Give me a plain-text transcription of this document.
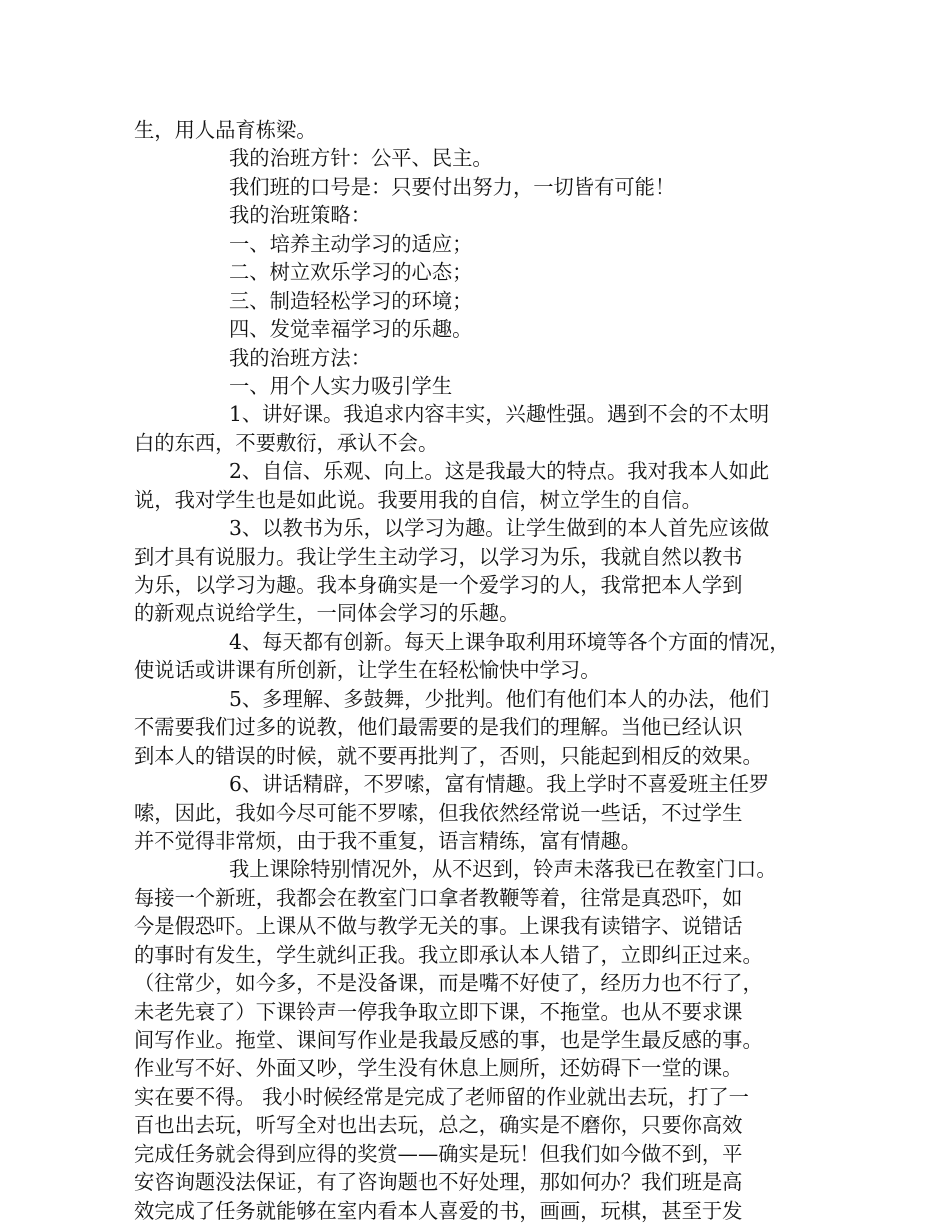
生，用人品育栋梁。
我的治班方针：公平、民主。
我们班的口号是：只要付出努力，一切皆有可能！
我的治班策略：
一、培养主动学习的适应；
二、树立欢乐学习的心态；
三、制造轻松学习的环境；
四、发觉幸福学习的乐趣。
我的治班方法：
一、用个人实力吸引学生
1、讲好课。我追求内容丰实，兴趣性强。遇到不会的不太明
白的东西，不要敷衍，承认不会。
2、自信、乐观、向上。这是我最大的特点。我对我本人如此
说，我对学生也是如此说。我要用我的自信，树立学生的自信。
3、以教书为乐，以学习为趣。让学生做到的本人首先应该做
到才具有说服力。我让学生主动学习，以学习为乐，我就自然以教书
为乐，以学习为趣。我本身确实是一个爱学习的人，我常把本人学到
的新观点说给学生，一同体会学习的乐趣。
4、每天都有创新。每天上课争取利用环境等各个方面的情况，
使说话或讲课有所创新，让学生在轻松愉快中学习。
5、多理解、多鼓舞，少批判。他们有他们本人的办法，他们
不需要我们过多的说教，他们最需要的是我们的理解。当他已经认识
到本人的错误的时候，就不要再批判了，否则，只能起到相反的效果。
6、讲话精辟，不罗嗦，富有情趣。我上学时不喜爱班主任罗
嗦，因此，我如今尽可能不罗嗦，但我依然经常说一些话，不过学生
并不觉得非常烦，由于我不重复，语言精练，富有情趣。
我上课除特别情况外，从不迟到，铃声未落我已在教室门口。
每接一个新班，我都会在教室门口拿者教鞭等着，往常是真恐吓，如
今是假恐吓。上课从不做与教学无关的事。上课我有读错字、说错话
的事时有发生，学生就纠正我。我立即承认本人错了，立即纠正过来。
（往常少，如今多，不是没备课，而是嘴不好使了，经历力也不行了，
未老先衰了）下课铃声一停我争取立即下课，不拖堂。也从不要求课
间写作业。拖堂、课间写作业是我最反感的事，也是学生最反感的事。
作业写不好、外面又吵，学生没有休息上厕所，还妨碍下一堂的课。
实在要不得。 我小时候经常是完成了老师留的作业就出去玩，打了一
百也出去玩，听写全对也出去玩，总之，确实是不磨你，只要你高效
完成任务就会得到应得的奖赏——确实是玩！但我们如今做不到，平
安咨询题没法保证，有了咨询题也不好处理，那如何办？我们班是高
效完成了任务就能够在室内看本人喜爱的书，画画，玩棋，甚至于发
